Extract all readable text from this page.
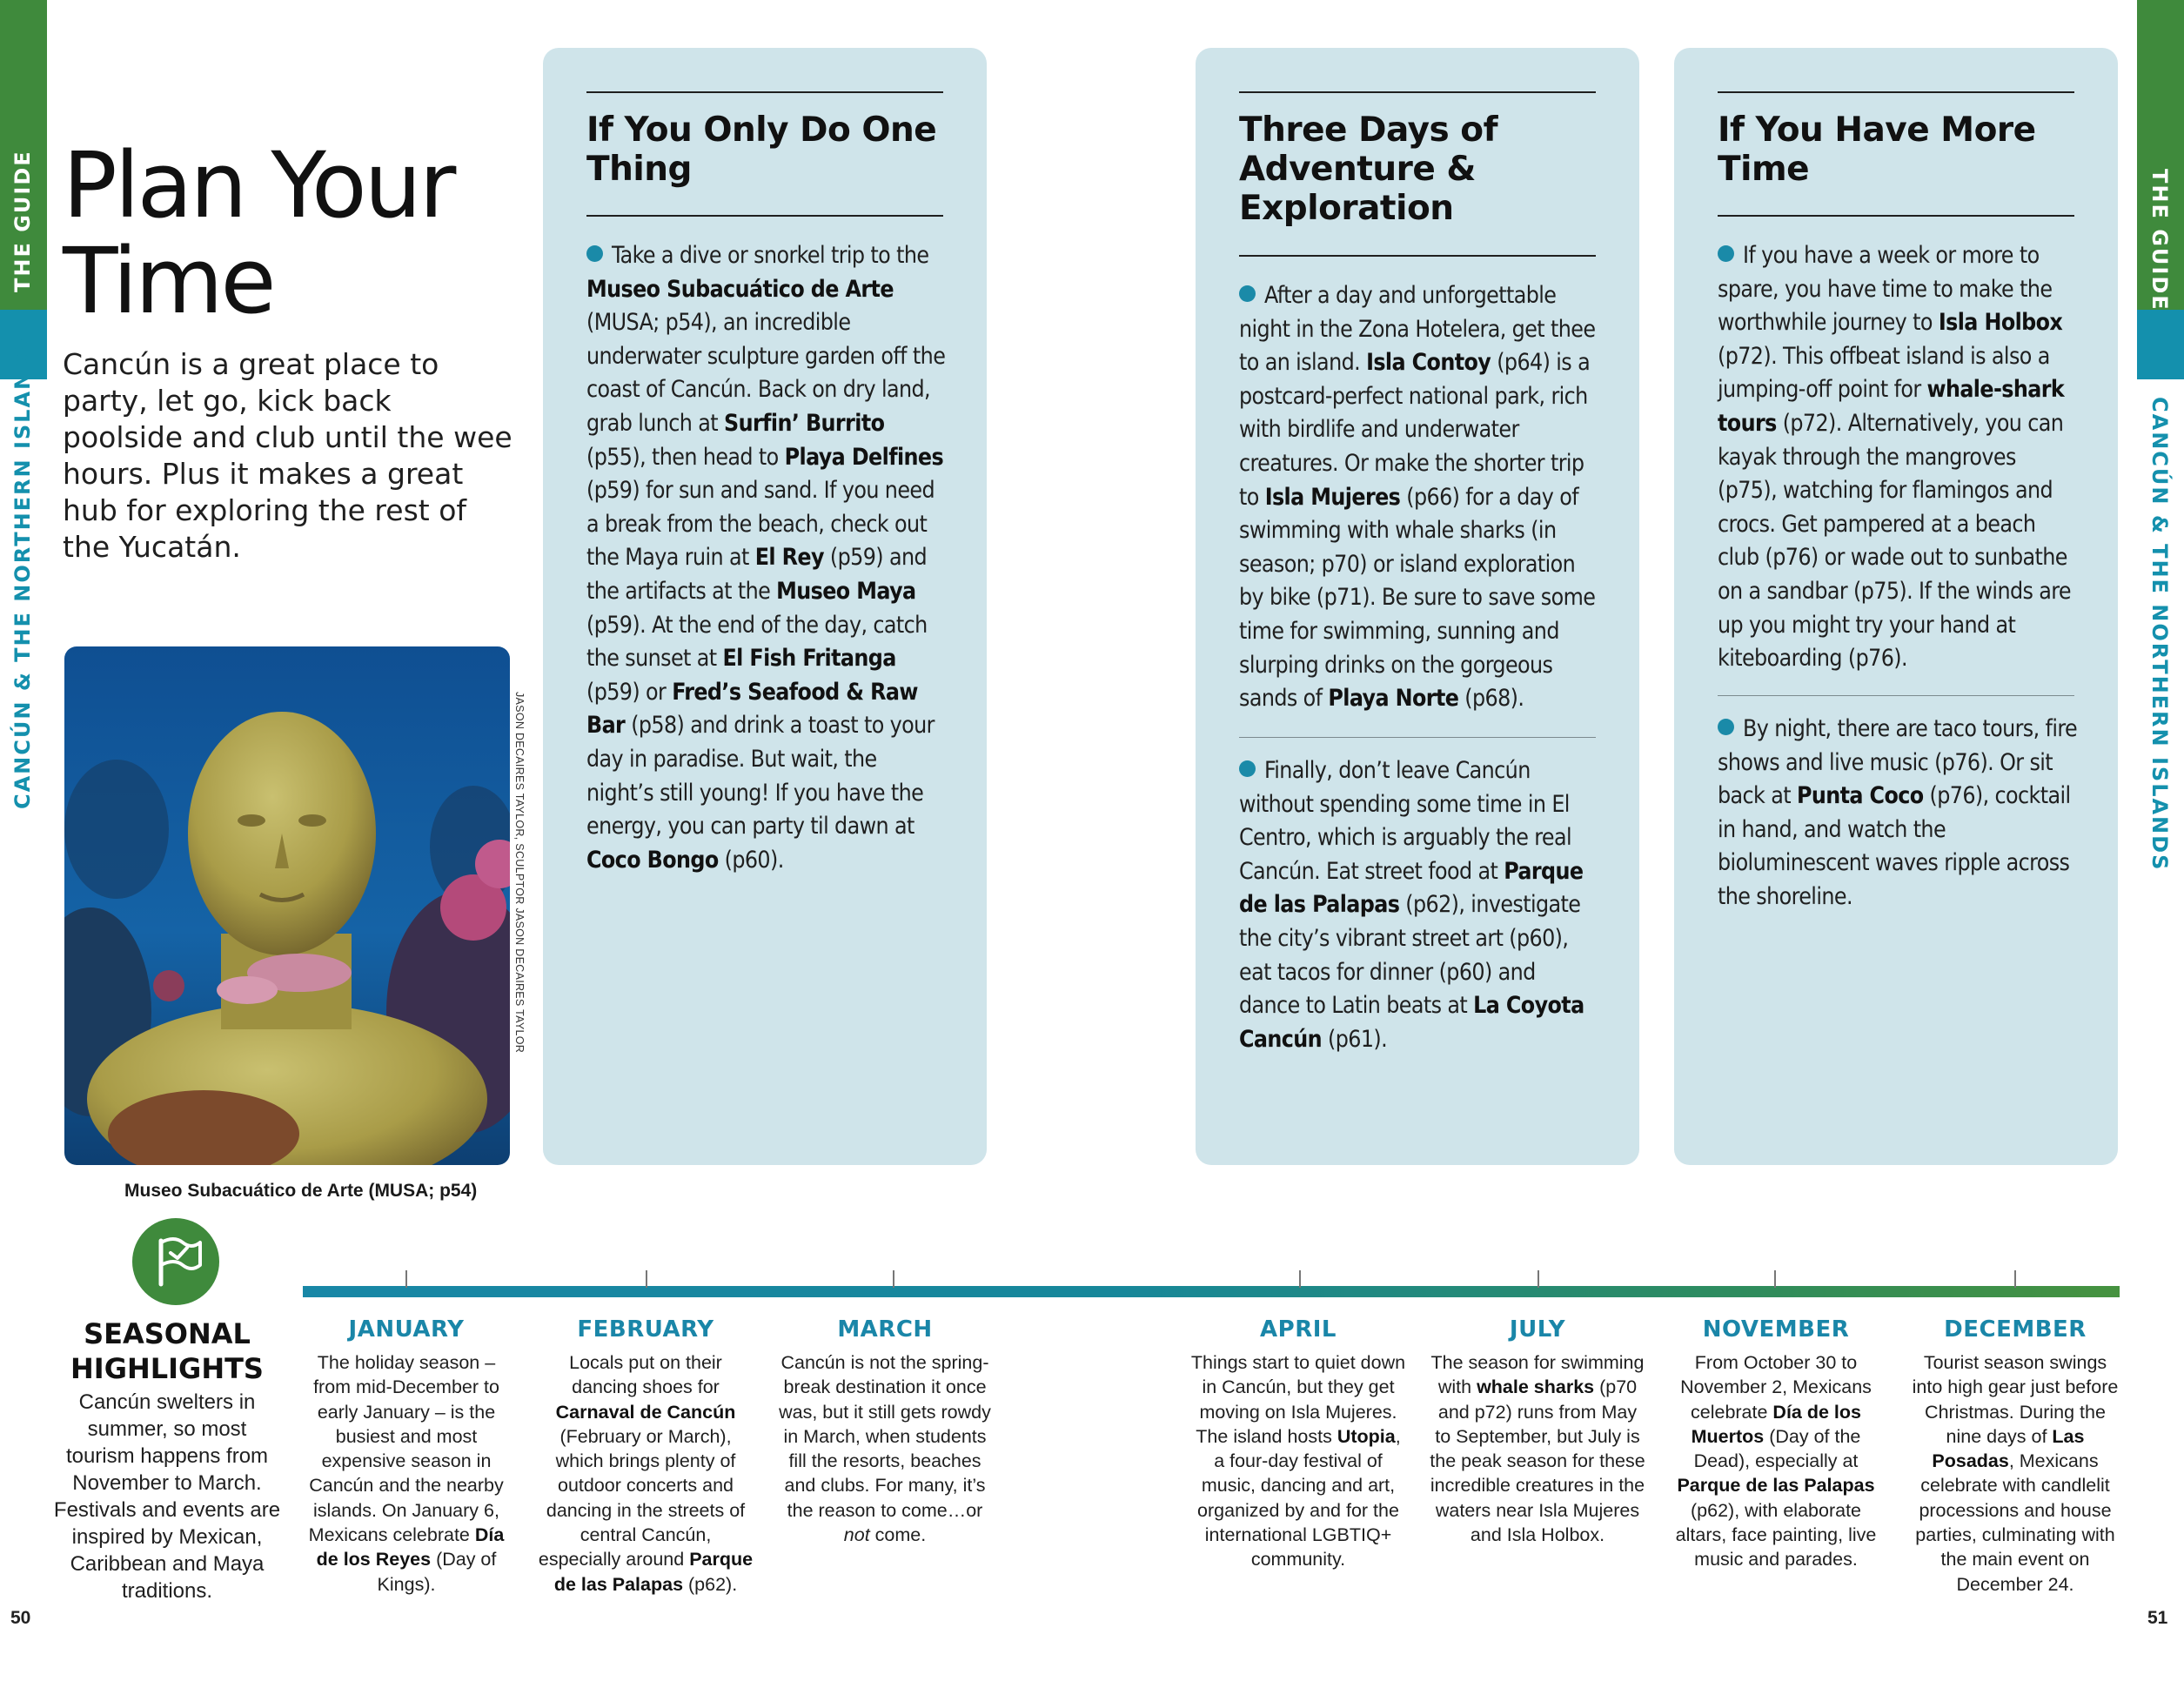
THE GUIDE
CANCÚN & THE NORTHERN ISLANDS
THE GUIDE
CANCÚN & THE NORTHERN ISLANDS
Plan Your
Time
Cancún is a great place to party, let go, kick back poolside and club until the wee hours. Plus it makes a great hub for exploring the rest of the Yucatán.
JASON DECAIRES TAYLOR, SCULPTOR JASON DECAIRES TAYLOR
Museo Subacuático de Arte (MUSA; p54)
If You Only Do One Thing

Take a dive or snorkel trip to the Museo Subacuático de Arte (MUSA; p54), an incredible underwater sculpture garden off the coast of Cancún. Back on dry land, grab lunch at Surfin’ Burrito (p55), then head to Playa Delfines (p59) for sun and sand. If you need a break from the beach, check out the Maya ruin at El Rey (p59) and the artifacts at the Museo Maya (p59). At the end of the day, catch the sunset at El Fish Fritanga (p59) or Fred’s Seafood & Raw Bar (p58) and drink a toast to your day in paradise. But wait, the night’s still young! If you have the energy, you can party til dawn at Coco Bongo (p60).

Three Days of Adventure & Exploration

After a day and unforgettable night in the Zona Hotelera, get thee to an island. Isla Contoy (p64) is a postcard-perfect national park, rich with birdlife and underwater creatures. Or make the shorter trip to Isla Mujeres (p66) for a day of swimming with whale sharks (in season; p70) or island exploration by bike (p71). Be sure to save some time for swimming, sunning and slurping drinks on the gorgeous sands of Playa Norte (p68).

Finally, don’t leave Cancún without spending some time in El Centro, which is arguably the real Cancún. Eat street food at Parque de las Palapas (p62), investigate the city’s vibrant street art (p60), eat tacos for dinner (p60) and dance to Latin beats at La Coyota Cancún (p61).

If You Have More Time

If you have a week or more to spare, you have time to make the worthwhile journey to Isla Holbox (p72). This offbeat island is also a jumping-off point for whale-shark tours (p72). Alternatively, you can kayak through the mangroves (p75), watching for flamingos and crocs. Get pampered at a beach club (p76) or wade out to sunbathe on a sandbar (p75). If the winds are up you might try your hand at kiteboarding (p76).

By night, there are taco tours, fire shows and live music (p76). Or sit back at Punta Coco (p76), cocktail in hand, and watch the bioluminescent waves ripple across the shoreline.

SEASONAL HIGHLIGHTS
Cancún swelters in summer, so most tourism happens from November to March. Festivals and events are inspired by Mexican, Caribbean and Maya traditions.
JANUARY
The holiday season – from mid-December to early January – is the busiest and most expensive season in Cancún and the nearby islands. On January 6, Mexicans celebrate Día de los Reyes (Day of Kings).
FEBRUARY
Locals put on their dancing shoes for Carnaval de Cancún (February or March), which brings plenty of outdoor concerts and dancing in the streets of central Cancún, especially around Parque de las Palapas (p62).
MARCH
Cancún is not the spring-break destination it once was, but it still gets rowdy in March, when students fill the resorts, beaches and clubs. For many, it’s the reason to come…or not come.
APRIL
Things start to quiet down in Cancún, but they get moving on Isla Mujeres. The island hosts Utopia, a four-day festival of music, dancing and art, organized by and for the international LGBTIQ+ community.
JULY
The season for swimming with whale sharks (p70 and p72) runs from May to September, but July is the peak season for these incredible creatures in the waters near Isla Mujeres and Isla Holbox.
NOVEMBER
From October 30 to November 2, Mexicans celebrate Día de los Muertos (Day of the Dead), especially at Parque de las Palapas (p62), with elaborate altars, face painting, live music and parades.
DECEMBER
Tourist season swings into high gear just before Christmas. During the nine days of Las Posadas, Mexicans celebrate with candlelit processions and house parties, culminating with the main event on December 24.
50	51
